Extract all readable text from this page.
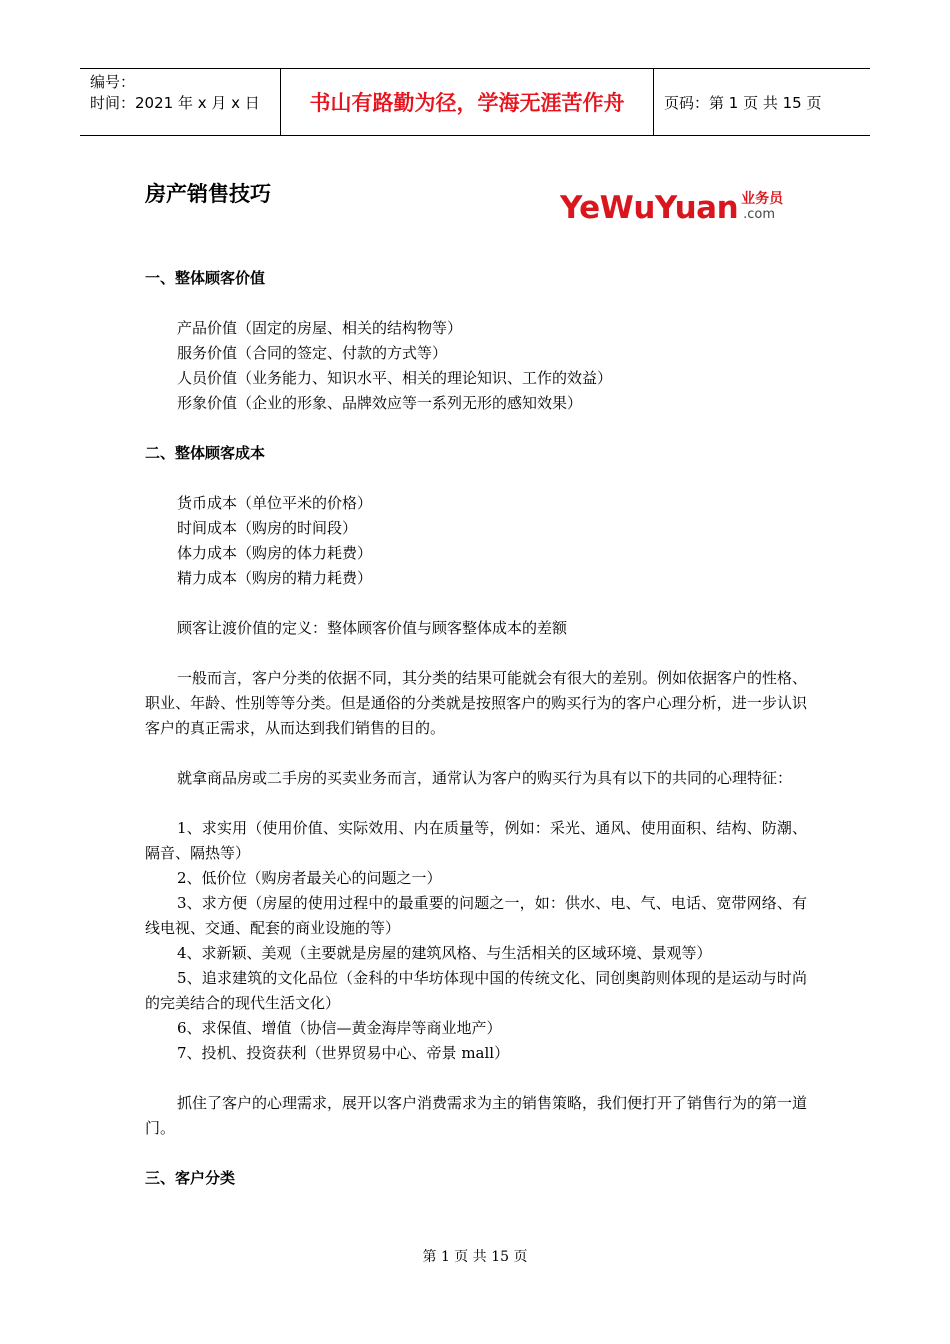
编号：
时间：2021 年 x 月 x 日	书山有路勤为径，学海无涯苦作舟	页码：第 1 页 共 15 页
房产销售技巧	YeWuYuan 业务员
.com
一、整体顾客价值
产品价值（固定的房屋、相关的结构物等）
服务价值（合同的签定、付款的方式等）
人员价值（业务能力、知识水平、相关的理论知识、工作的效益）
形象价值（企业的形象、品牌效应等一系列无形的感知效果）
二、整体顾客成本
货币成本（单位平米的价格）
时间成本（购房的时间段）
体力成本（购房的体力耗费）
精力成本（购房的精力耗费）
顾客让渡价值的定义：整体顾客价值与顾客整体成本的差额
一般而言，客户分类的依据不同，其分类的结果可能就会有很大的差别。例如依据客户的性格、职业、年龄、性别等等分类。但是通俗的分类就是按照客户的购买行为的客户心理分析，进一步认识客户的真正需求，从而达到我们销售的目的。
就拿商品房或二手房的买卖业务而言，通常认为客户的购买行为具有以下的共同的心理特征：
1、求实用（使用价值、实际效用、内在质量等，例如：采光、通风、使用面积、结构、防潮、隔音、隔热等）
2、低价位（购房者最关心的问题之一）
3、求方便（房屋的使用过程中的最重要的问题之一，如：供水、电、气、电话、宽带网络、有线电视、交通、配套的商业设施的等）
4、求新颖、美观（主要就是房屋的建筑风格、与生活相关的区域环境、景观等）
5、追求建筑的文化品位（金科的中华坊体现中国的传统文化、同创奥韵则体现的是运动与时尚的完美结合的现代生活文化）
6、求保值、增值（协信—黄金海岸等商业地产）
7、投机、投资获利（世界贸易中心、帝景 mall）
抓住了客户的心理需求，展开以客户消费需求为主的销售策略，我们便打开了销售行为的第一道门。
三、客户分类
第 1 页 共 15 页
